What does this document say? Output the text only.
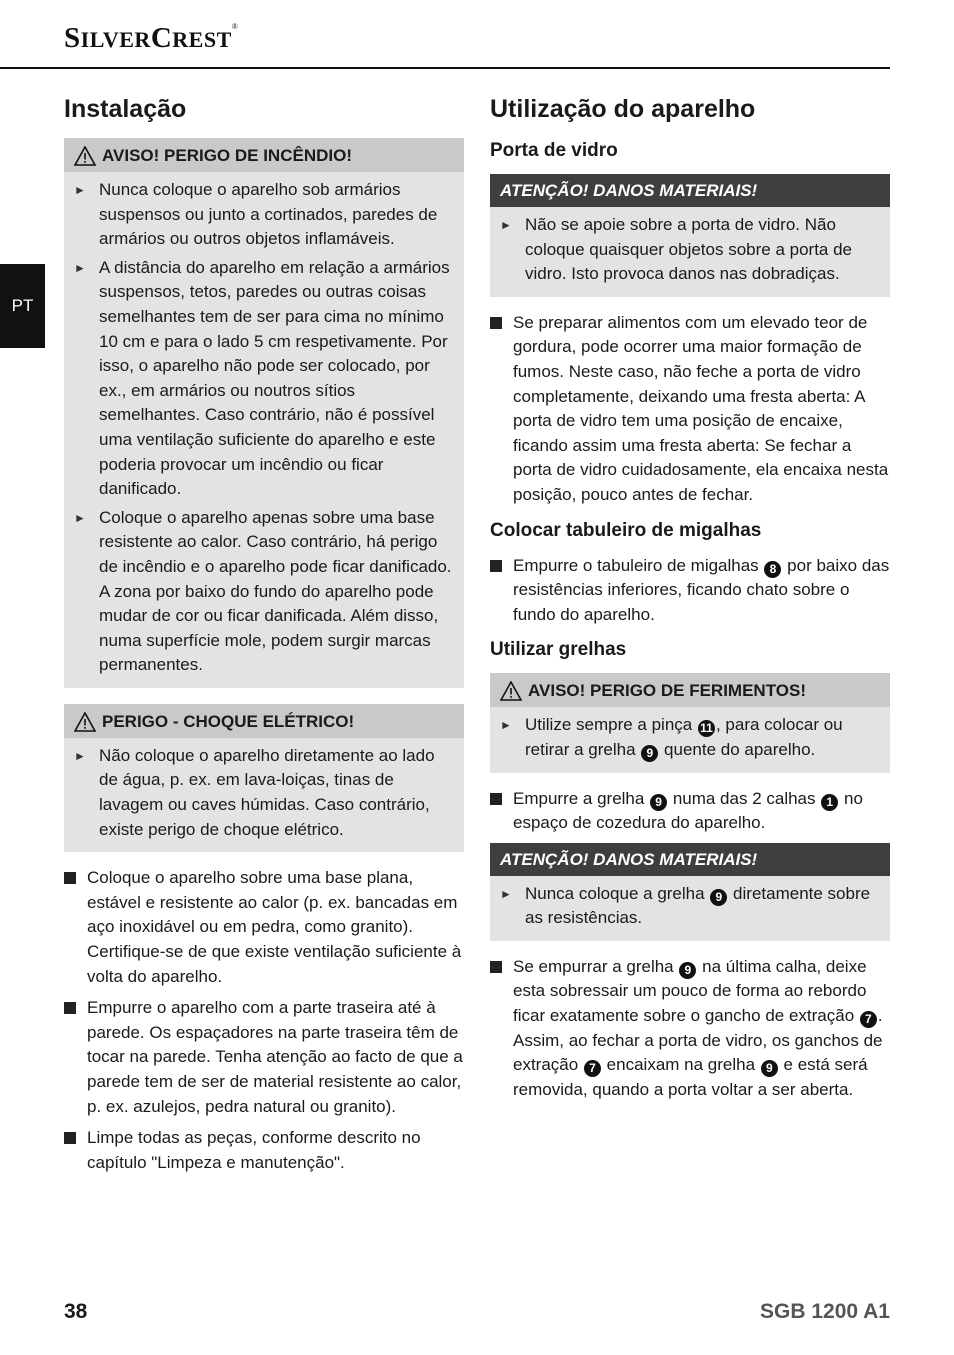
SILVERCREST®
PT
Instalação
AVISO! PERIGO DE INCÊNDIO!
► Nunca coloque o aparelho sob armários suspensos ou junto a cortinados, paredes de armários ou outros objetos inflamáveis.
► A distância do aparelho em relação a armários suspensos, tetos, paredes ou outras coisas semelhantes tem de ser para cima no mínimo 10 cm e para o lado 5 cm respetivamente. Por isso, o aparelho não pode ser colocado, por ex., em armários ou noutros sítios semelhantes. Caso contrário, não é possível uma ventilação suficiente do aparelho e este poderia provocar um incêndio ou ficar danificado.
► Coloque o aparelho apenas sobre uma base resistente ao calor. Caso contrário, há perigo de incêndio e o aparelho pode ficar danificado. A zona por baixo do fundo do aparelho pode mudar de cor ou ficar danificada. Além disso, numa superfície mole, podem surgir marcas permanentes.
PERIGO - CHOQUE ELÉTRICO!
► Não coloque o aparelho diretamente ao lado de água, p. ex. em lava-loiças, tinas de lavagem ou caves húmidas. Caso contrário, existe perigo de choque elétrico.
Coloque o aparelho sobre uma base plana, estável e resistente ao calor (p. ex. bancadas em aço inoxidável ou em pedra, como granito). Certifique-se de que existe ventilação suficiente à volta do aparelho.
Empurre o aparelho com a parte traseira até à parede. Os espaçadores na parte traseira têm de tocar na parede. Tenha atenção ao facto de que a parede tem de ser de material resistente ao calor, p. ex. azulejos, pedra natural ou granito).
Limpe todas as peças, conforme descrito no capítulo "Limpeza e manutenção".
Utilização do aparelho
Porta de vidro
ATENÇÃO! DANOS MATERIAIS!
► Não se apoie sobre a porta de vidro. Não coloque quaisquer objetos sobre a porta de vidro. Isto provoca danos nas dobradiças.
Se preparar alimentos com um elevado teor de gordura, pode ocorrer uma maior formação de fumos. Neste caso, não feche a porta de vidro completamente, deixando uma fresta aberta: A porta de vidro tem uma posição de encaixe, ficando assim uma fresta aberta: Se fechar a porta de vidro cuidadosamente, ela encaixa nesta posição, pouco antes de fechar.
Colocar tabuleiro de migalhas
Empurre o tabuleiro de migalhas 8 por baixo das resistências inferiores, ficando chato sobre o fundo do aparelho.
Utilizar grelhas
AVISO! PERIGO DE FERIMENTOS!
► Utilize sempre a pinça 11 , para colocar ou retirar a grelha 9 quente do aparelho.
Empurre a grelha 9 numa das 2 calhas 1 no espaço de cozedura do aparelho.
ATENÇÃO! DANOS MATERIAIS!
► Nunca coloque a grelha 9 diretamente sobre as resistências.
Se empurrar a grelha 9 na última calha, deixe esta sobressair um pouco de forma ao rebordo ficar exatamente sobre o gancho de extração 7 . Assim, ao fechar a porta de vidro, os ganchos de extração 7 encaixam na grelha 9 e está será removida, quando a porta voltar a ser aberta.
38	SGB 1200 A1
